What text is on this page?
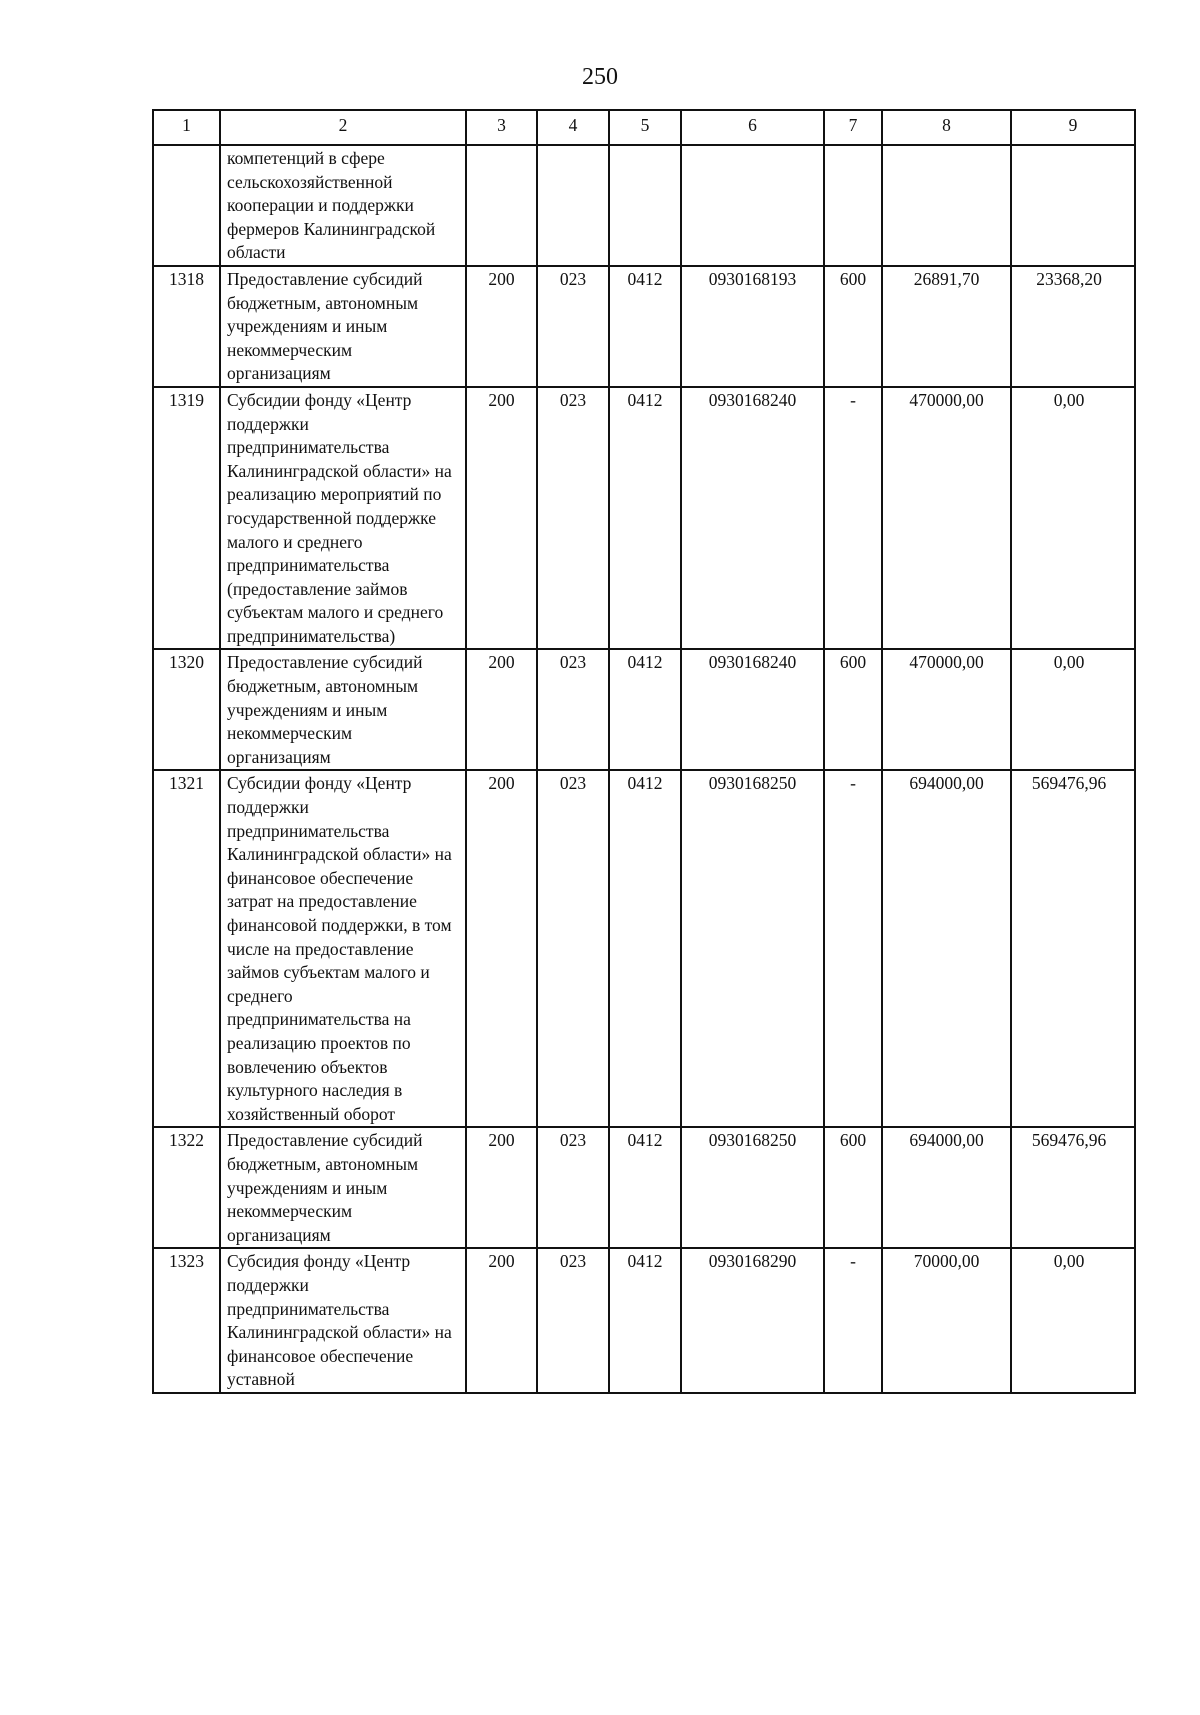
250
1	2	3	4	5	6	7	8	9
	компетенций в сфере сельскохозяйственной кооперации и поддержки фермеров Калининградской области							
1318	Предоставление субсидий бюджетным, автономным учреждениям и иным некоммерческим организациям	200	023	0412	0930168193	600	26891,70	23368,20
1319	Субсидии фонду «Центр поддержки предпринимательства Калининградской области» на реализацию мероприятий по государственной поддержке малого и среднего предпринимательства (предоставление займов субъектам малого и среднего предпринимательства)	200	023	0412	0930168240	-	470000,00	0,00
1320	Предоставление субсидий бюджетным, автономным учреждениям и иным некоммерческим организациям	200	023	0412	0930168240	600	470000,00	0,00
1321	Субсидии фонду «Центр поддержки предпринимательства Калининградской области» на финансовое обеспечение затрат на предоставление финансовой поддержки, в том числе на предоставление займов субъектам малого и среднего предпринимательства на реализацию проектов по вовлечению объектов культурного наследия в хозяйственный оборот	200	023	0412	0930168250	-	694000,00	569476,96
1322	Предоставление субсидий бюджетным, автономным учреждениям и иным некоммерческим организациям	200	023	0412	0930168250	600	694000,00	569476,96
1323	Субсидия фонду «Центр поддержки предпринимательства Калининградской области» на финансовое обеспечение уставной	200	023	0412	0930168290	-	70000,00	0,00
